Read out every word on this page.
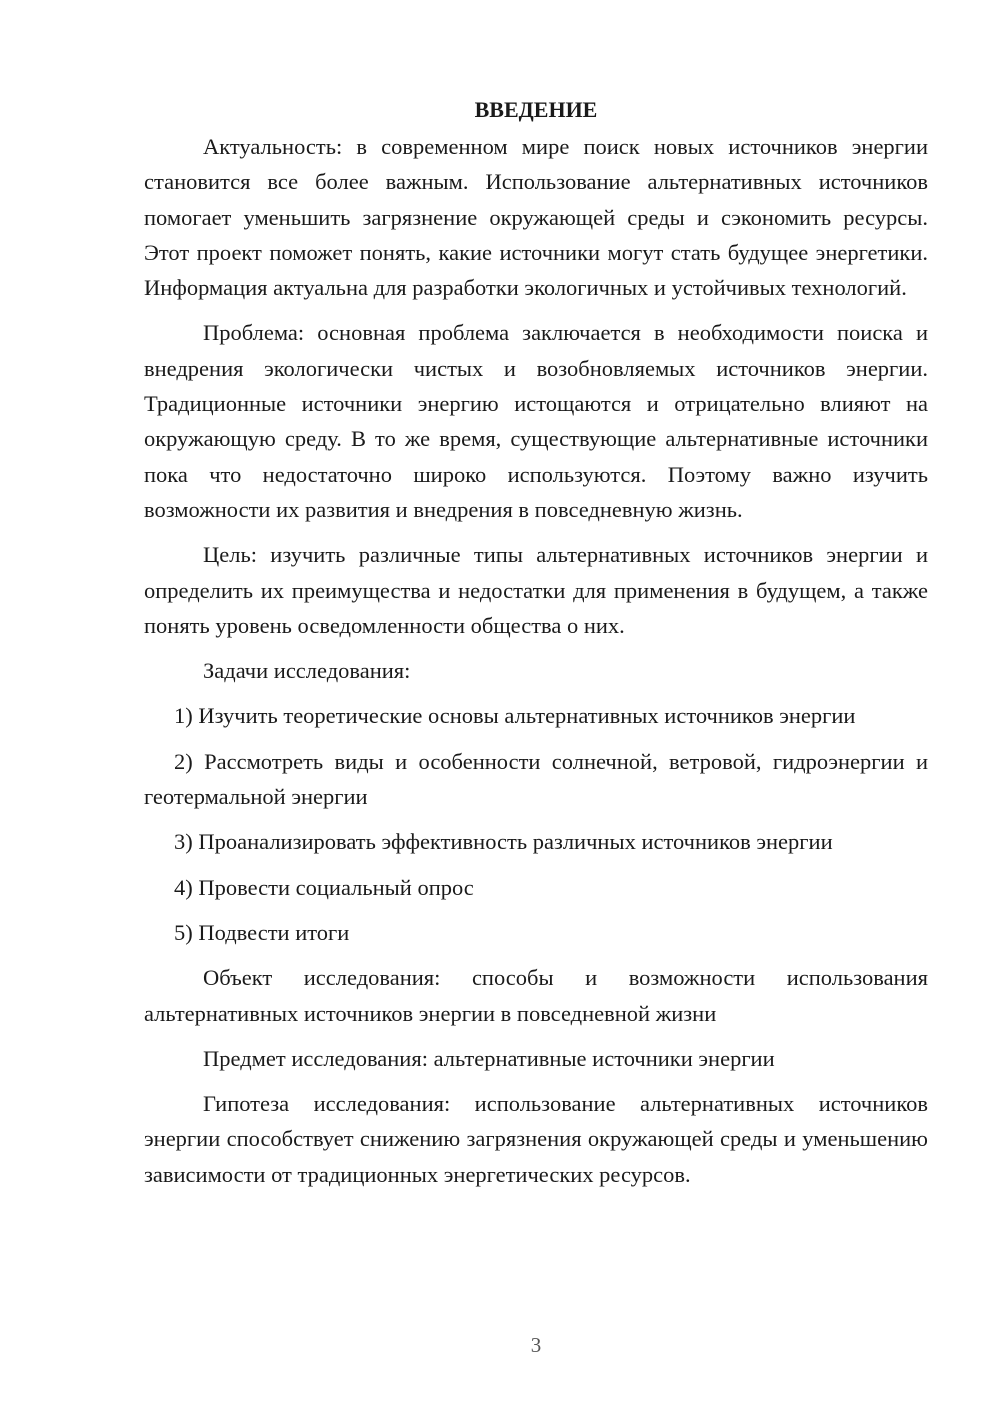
ВВЕДЕНИЕ

Актуальность: в современном мире поиск новых источников энергии становится все более важным. Использование альтернативных источников помогает уменьшить загрязнение окружающей среды и сэкономить ресурсы. Этот проект поможет понять, какие источники могут стать будущее энергетики. Информация актуальна для разработки экологичных и устойчивых технологий.

Проблема: основная проблема заключается в необходимости поиска и внедрения экологически чистых и возобновляемых источников энергии. Традиционные источники энергию истощаются и отрицательно влияют на окружающую среду. В то же время, существующие альтернативные источники пока что недостаточно широко используются. Поэтому важно изучить возможности их развития и внедрения в повседневную жизнь.

Цель: изучить различные типы альтернативных источников энергии и определить их преимущества и недостатки для применения в будущем, а также понять уровень осведомленности общества о них.

Задачи исследования:

1) Изучить теоретические основы альтернативных источников энергии

2) Рассмотреть виды и особенности солнечной, ветровой, гидроэнергии и геотермальной энергии

3) Проанализировать эффективность различных источников энергии

4) Провести социальный опрос

5) Подвести итоги

Объект исследования: способы и возможности использования альтернативных источников энергии в повседневной жизни

Предмет исследования: альтернативные источники энергии

Гипотеза исследования: использование альтернативных источников энергии способствует снижению загрязнения окружающей среды и уменьшению зависимости от традиционных энергетических ресурсов.

3
